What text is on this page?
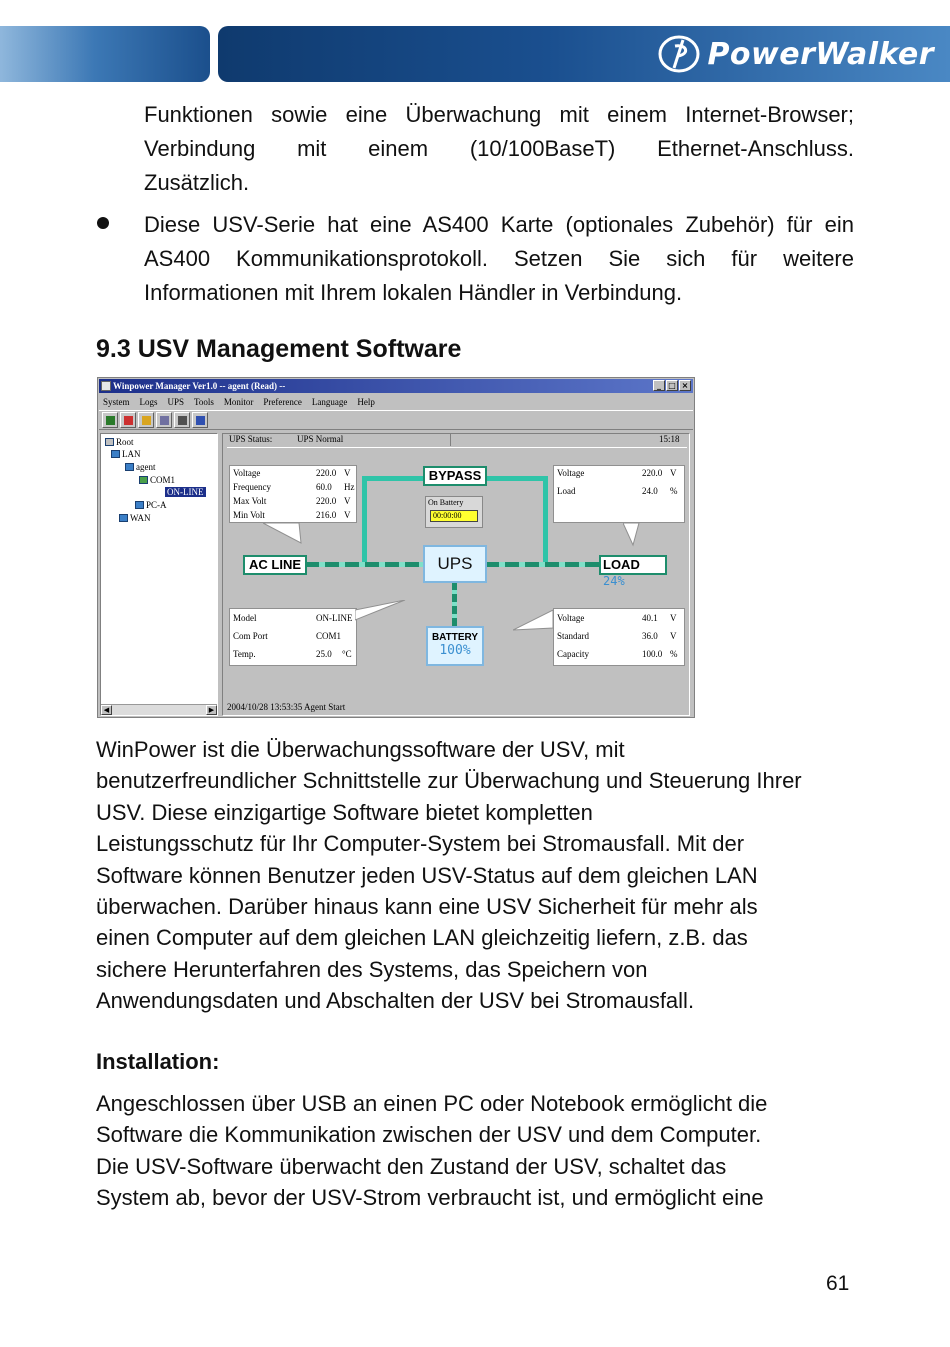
PowerWalker
Funktionen sowie eine Überwachung mit einem Internet-Browser;
Verbindung mit einem (10/100BaseT) Ethernet-Anschluss.
Zusätzlich.
Diese USV-Serie hat eine AS400 Karte (optionales Zubehör) für ein
AS400 Kommunikationsprotokoll. Setzen Sie sich für weitere
Informationen mit Ihrem lokalen Händler in Verbindung.
9.3 USV Management Software
Winpower Manager Ver1.0 -- agent (Read) --	_ □ ×
System Logs UPS Tools Monitor Preference Language Help
Root
LAN
agent
COM1
ON-LINE
PC-A
WAN
◀	▶
UPS Status:	UPS Normal	15:18
Voltage	220.0 V
Frequency	60.0 Hz
Max Volt	220.0 V
Min Volt	216.0 V
Voltage	220.0 V
Load	24.0 %
BYPASS
On Battery
00:00:00
AC LINE	UPS	LOAD 24%
BATTERY
100%
Model	ON-LINE
Com Port	COM1
Temp.	25.0 °C
Voltage	40.1 V
Standard	36.0 V
Capacity	100.0 %
2004/10/28 13:53:35 Agent Start
WinPower ist die Überwachungssoftware der USV, mit
benutzerfreundlicher Schnittstelle zur Überwachung und Steuerung Ihrer
USV. Diese einzigartige Software bietet kompletten
Leistungsschutz für Ihr Computer-System bei Stromausfall. Mit der
Software können Benutzer jeden USV-Status auf dem gleichen LAN
überwachen. Darüber hinaus kann eine USV Sicherheit für mehr als
einen Computer auf dem gleichen LAN gleichzeitig liefern, z.B. das
sichere Herunterfahren des Systems, das Speichern von
Anwendungsdaten und Abschalten der USV bei Stromausfall.
Installation:
Angeschlossen über USB an einen PC oder Notebook ermöglicht die
Software die Kommunikation zwischen der USV und dem Computer.
Die USV-Software überwacht den Zustand der USV, schaltet das
System ab, bevor der USV-Strom verbraucht ist, und ermöglicht eine
61
